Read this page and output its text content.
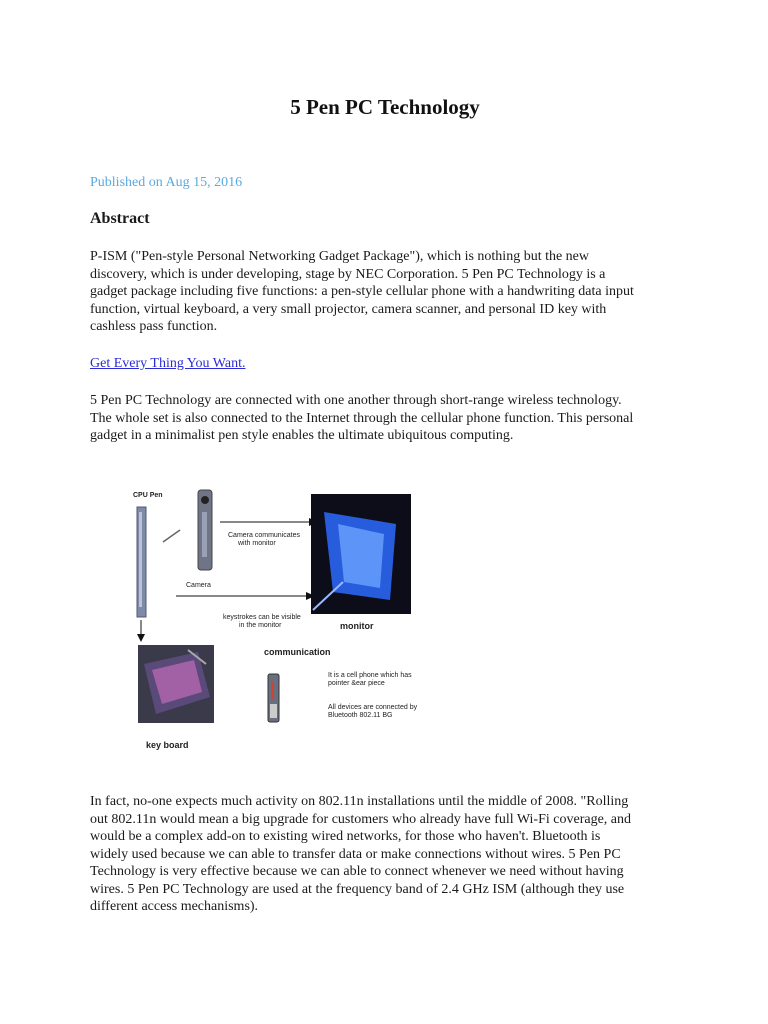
5 Pen PC Technology
Published on Aug 15, 2016
Abstract
P-ISM ("Pen-style Personal Networking Gadget Package"), which is nothing but the new
discovery, which is under developing, stage by NEC Corporation. 5 Pen PC Technology is a
gadget package including five functions: a pen-style cellular phone with a handwriting data input
function, virtual keyboard, a very small projector, camera scanner, and personal ID key with
cashless pass function.
Get Every Thing You Want.
5 Pen PC Technology are connected with one another through short-range wireless technology.
The whole set is also connected to the Internet through the cellular phone function. This personal
gadget in a minimalist pen style enables the ultimate ubiquitous computing.
CPU Pen
Camera communicates
with monitor
Camera
keystrokes can be visible
in the monitor	monitor
communication
It is a cell phone which has
pointer &ear piece
All devices are connected by
Bluetooth 802.11 BG
key board
In fact, no-one expects much activity on 802.11n installations until the middle of 2008. "Rolling
out 802.11n would mean a big upgrade for customers who already have full Wi-Fi coverage, and
would be a complex add-on to existing wired networks, for those who haven't. Bluetooth is
widely used because we can able to transfer data or make connections without wires. 5 Pen PC
Technology is very effective because we can able to connect whenever we need without having
wires. 5 Pen PC Technology are used at the frequency band of 2.4 GHz ISM (although they use
different access mechanisms).
